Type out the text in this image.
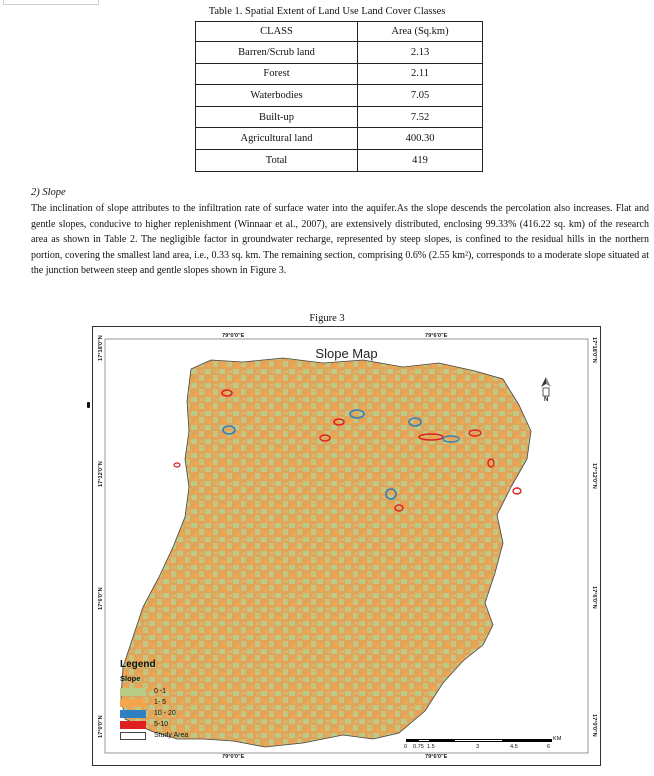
Table 1. Spatial Extent of Land Use Land Cover Classes
CLASS	Area (Sq.km)
Barren/Scrub land	2.13
Forest	2.11
Waterbodies	7.05
Built-up	7.52
Agricultural land	400.30
Total	419
2) Slope

The inclination of slope attributes to the infiltration rate of surface water into the aquifer.As the slope descends the percolation also increases. Flat and gentle slopes, conducive to higher replenishment (Winnaar et al., 2007), are extensively distributed, enclosing 99.33% (416.22 sq. km) of the research area as shown in Table 2. The negligible factor in groundwater recharge, represented by steep slopes, is confined to the residual hills in the northern portion, covering the smallest land area, i.e., 0.33 sq. km. The remaining section, comprising 0.6% (2.55 km²), corresponds to a moderate slope situated at the junction between steep and gentle slopes shown in Figure 3.

Figure 3
79°0'0"E	79°6'0"E
79°0'0"E	79°6'0"E
17°18'0"N
17°12'0"N
17°6'0"N
17°0'0"N
17°18'0"N
17°12'0"N
17°6'0"N
17°0'0"N
N
Slope Map
Legend
Slope
0 -1
1- 5
10 - 20
5-10
Study Area	KM
0 0.75 1.5	3	4.5	6
